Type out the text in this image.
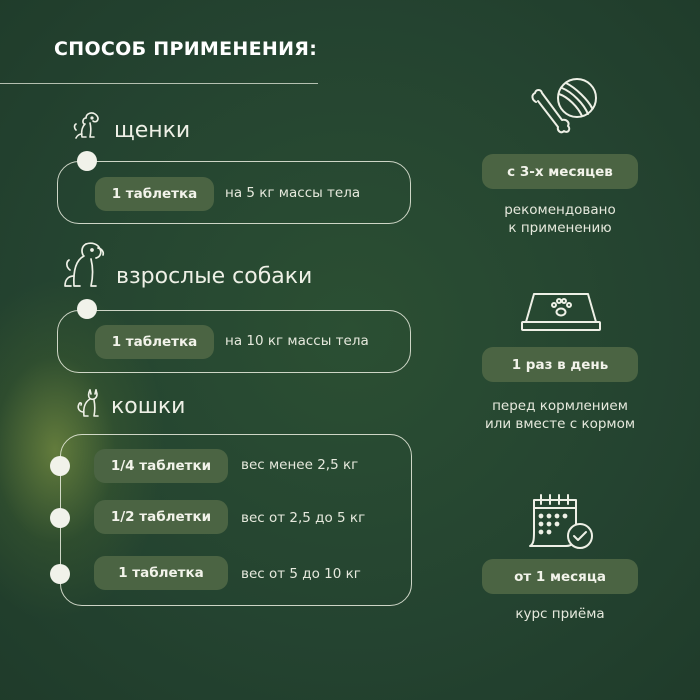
СПОСОБ ПРИМЕНЕНИЯ:
щенки
1 таблетка	на 5 кг массы тела
взрослые собаки
1 таблетка	на 10 кг массы тела
кошки
1/4 таблетки	вес менее 2,5 кг
1/2 таблетки	вес от 2,5 до 5 кг
1 таблетка	вес от 5 до 10 кг
с 3-х месяцев
рекомендовано
к применению
1 раз в день
перед кормлением
или вместе с кормом
от 1 месяца
курс приёма
